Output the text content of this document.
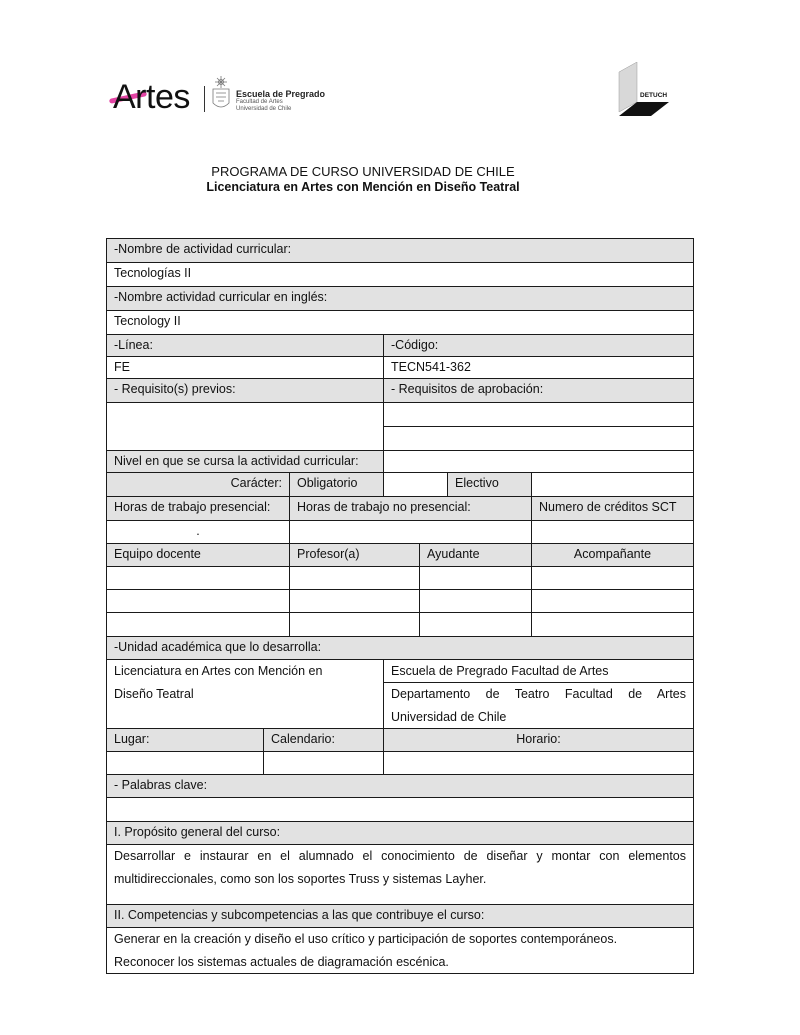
Artes	Escuela de Pregrado
Facultad de Artes
Universidad de Chile
DETUCH
PROGRAMA DE CURSO UNIVERSIDAD DE CHILE
Licenciatura en Artes con Mención en Diseño Teatral
-Nombre de actividad curricular:
Tecnologías II
-Nombre actividad curricular en inglés:
Tecnology II
-Línea:	-Código:
FE	TECN541-362
- Requisito(s) previos:	- Requisitos de aprobación:
Nivel en que se cursa la actividad curricular:
Carácter:	Obligatorio	Electivo
Horas de trabajo presencial:	Horas de trabajo no presencial:	Numero de créditos SCT
.
Equipo docente	Profesor(a)	Ayudante	Acompañante
-Unidad académica que lo desarrolla:
Licenciatura en Artes con Mención en
Diseño Teatral
Escuela de Pregrado Facultad de Artes
Departamento de Teatro Facultad de Artes
Universidad de Chile
Lugar:	Calendario:	Horario:
- Palabras clave:
I. Propósito general del curso:
Desarrollar e instaurar en el alumnado el conocimiento de diseñar y montar con elementos
multidireccionales, como son los soportes Truss y sistemas Layher.
II. Competencias y subcompetencias a las que contribuye el curso:
Generar en la creación y diseño el uso crítico y participación de soportes contemporáneos.
Reconocer los sistemas actuales de diagramación escénica.
